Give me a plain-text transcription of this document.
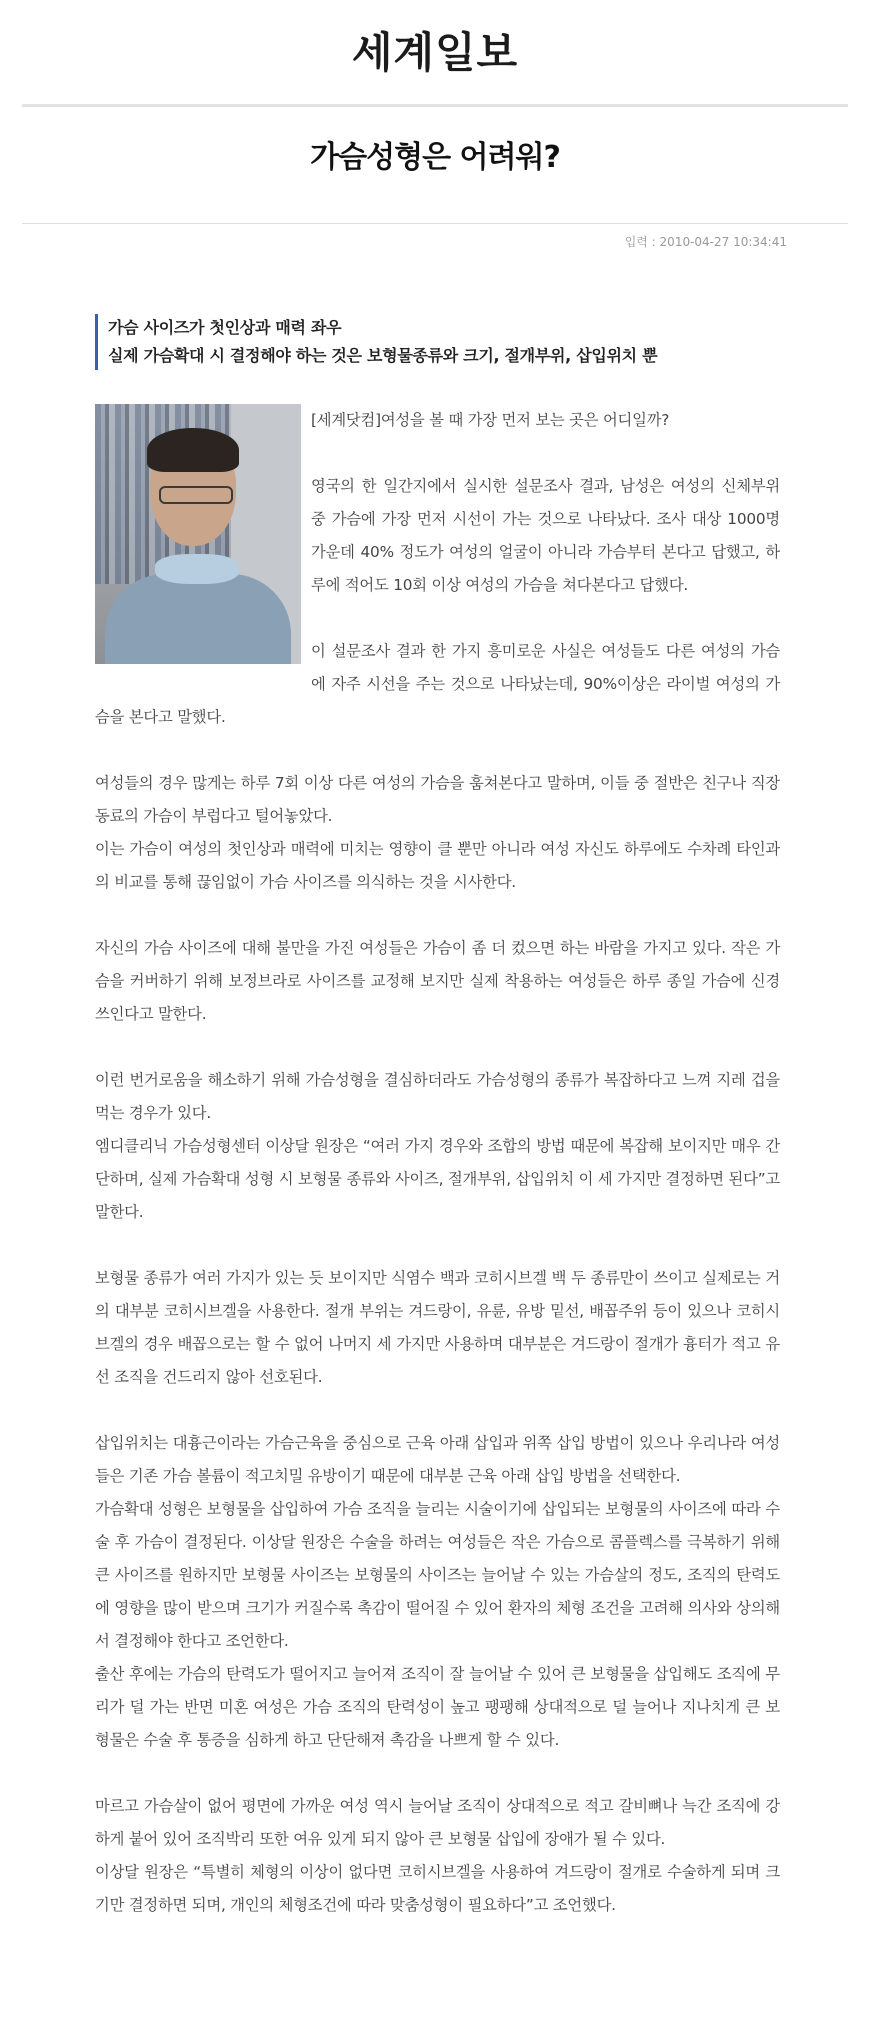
세계일보
가슴성형은 어려워?
입력 : 2010-04-27 10:34:41
가슴 사이즈가 첫인상과 매력 좌우
실제 가슴확대 시 결정해야 하는 것은 보형물종류와 크기, 절개부위, 삽입위치 뿐

[세계닷컴]여성을 볼 때 가장 먼저 보는 곳은 어디일까?

영국의 한 일간지에서 실시한 설문조사 결과, 남성은 여성의 신체부위 중 가슴에 가장 먼저 시선이 가는 것으로 나타났다. 조사 대상 1000명 가운데 40% 정도가 여성의 얼굴이 아니라 가슴부터 본다고 답했고, 하루에 적어도 10회 이상 여성의 가슴을 쳐다본다고 답했다.

이 설문조사 결과 한 가지 흥미로운 사실은 여성들도 다른 여성의 가슴에 자주 시선을 주는 것으로 나타났는데, 90%이상은 라이벌 여성의 가슴을 본다고 말했다.

여성들의 경우 많게는 하루 7회 이상 다른 여성의 가슴을 훔쳐본다고 말하며, 이들 중 절반은 친구나 직장 동료의 가슴이 부럽다고 털어놓았다.

이는 가슴이 여성의 첫인상과 매력에 미치는 영향이 클 뿐만 아니라 여성 자신도 하루에도 수차례 타인과의 비교를 통해 끊임없이 가슴 사이즈를 의식하는 것을 시사한다.

자신의 가슴 사이즈에 대해 불만을 가진 여성들은 가슴이 좀 더 컸으면 하는 바람을 가지고 있다. 작은 가슴을 커버하기 위해 보정브라로 사이즈를 교정해 보지만 실제 착용하는 여성들은 하루 종일 가슴에 신경 쓰인다고 말한다.

이런 번거로움을 해소하기 위해 가슴성형을 결심하더라도 가슴성형의 종류가 복잡하다고 느껴 지레 겁을 먹는 경우가 있다.

엠디클리닉 가슴성형센터 이상달 원장은 “여러 가지 경우와 조합의 방법 때문에 복잡해 보이지만 매우 간단하며, 실제 가슴확대 성형 시 보형물 종류와 사이즈, 절개부위, 삽입위치 이 세 가지만 결정하면 된다”고 말한다.

보형물 종류가 여러 가지가 있는 듯 보이지만 식염수 백과 코히시브겔 백 두 종류만이 쓰이고 실제로는 거의 대부분 코히시브겔을 사용한다. 절개 부위는 겨드랑이, 유륜, 유방 밑선, 배꼽주위 등이 있으나 코히시브겔의 경우 배꼽으로는 할 수 없어 나머지 세 가지만 사용하며 대부분은 겨드랑이 절개가 흉터가 적고 유선 조직을 건드리지 않아 선호된다.

삽입위치는 대흉근이라는 가슴근육을 중심으로 근육 아래 삽입과 위쪽 삽입 방법이 있으나 우리나라 여성들은 기존 가슴 볼륨이 적고치밀 유방이기 때문에 대부분 근육 아래 삽입 방법을 선택한다.

가슴확대 성형은 보형물을 삽입하여 가슴 조직을 늘리는 시술이기에 삽입되는 보형물의 사이즈에 따라 수술 후 가슴이 결정된다. 이상달 원장은 수술을 하려는 여성들은 작은 가슴으로 콤플렉스를 극복하기 위해 큰 사이즈를 원하지만 보형물 사이즈는 보형물의 사이즈는 늘어날 수 있는 가슴살의 정도, 조직의 탄력도에 영향을 많이 받으며 크기가 커질수록 촉감이 떨어질 수 있어 환자의 체형 조건을 고려해 의사와 상의해서 결정해야 한다고 조언한다.

출산 후에는 가슴의 탄력도가 떨어지고 늘어져 조직이 잘 늘어날 수 있어 큰 보형물을 삽입해도 조직에 무리가 덜 가는 반면 미혼 여성은 가슴 조직의 탄력성이 높고 팽팽해 상대적으로 덜 늘어나 지나치게 큰 보형물은 수술 후 통증을 심하게 하고 단단해져 촉감을 나쁘게 할 수 있다.

마르고 가슴살이 없어 평면에 가까운 여성 역시 늘어날 조직이 상대적으로 적고 갈비뼈나 늑간 조직에 강하게 붙어 있어 조직박리 또한 여유 있게 되지 않아 큰 보형물 삽입에 장애가 될 수 있다.

이상달 원장은 “특별히 체형의 이상이 없다면 코히시브겔을 사용하여 겨드랑이 절개로 수술하게 되며 크기만 결정하면 되며, 개인의 체형조건에 따라 맞춤성형이 필요하다”고 조언했다.
